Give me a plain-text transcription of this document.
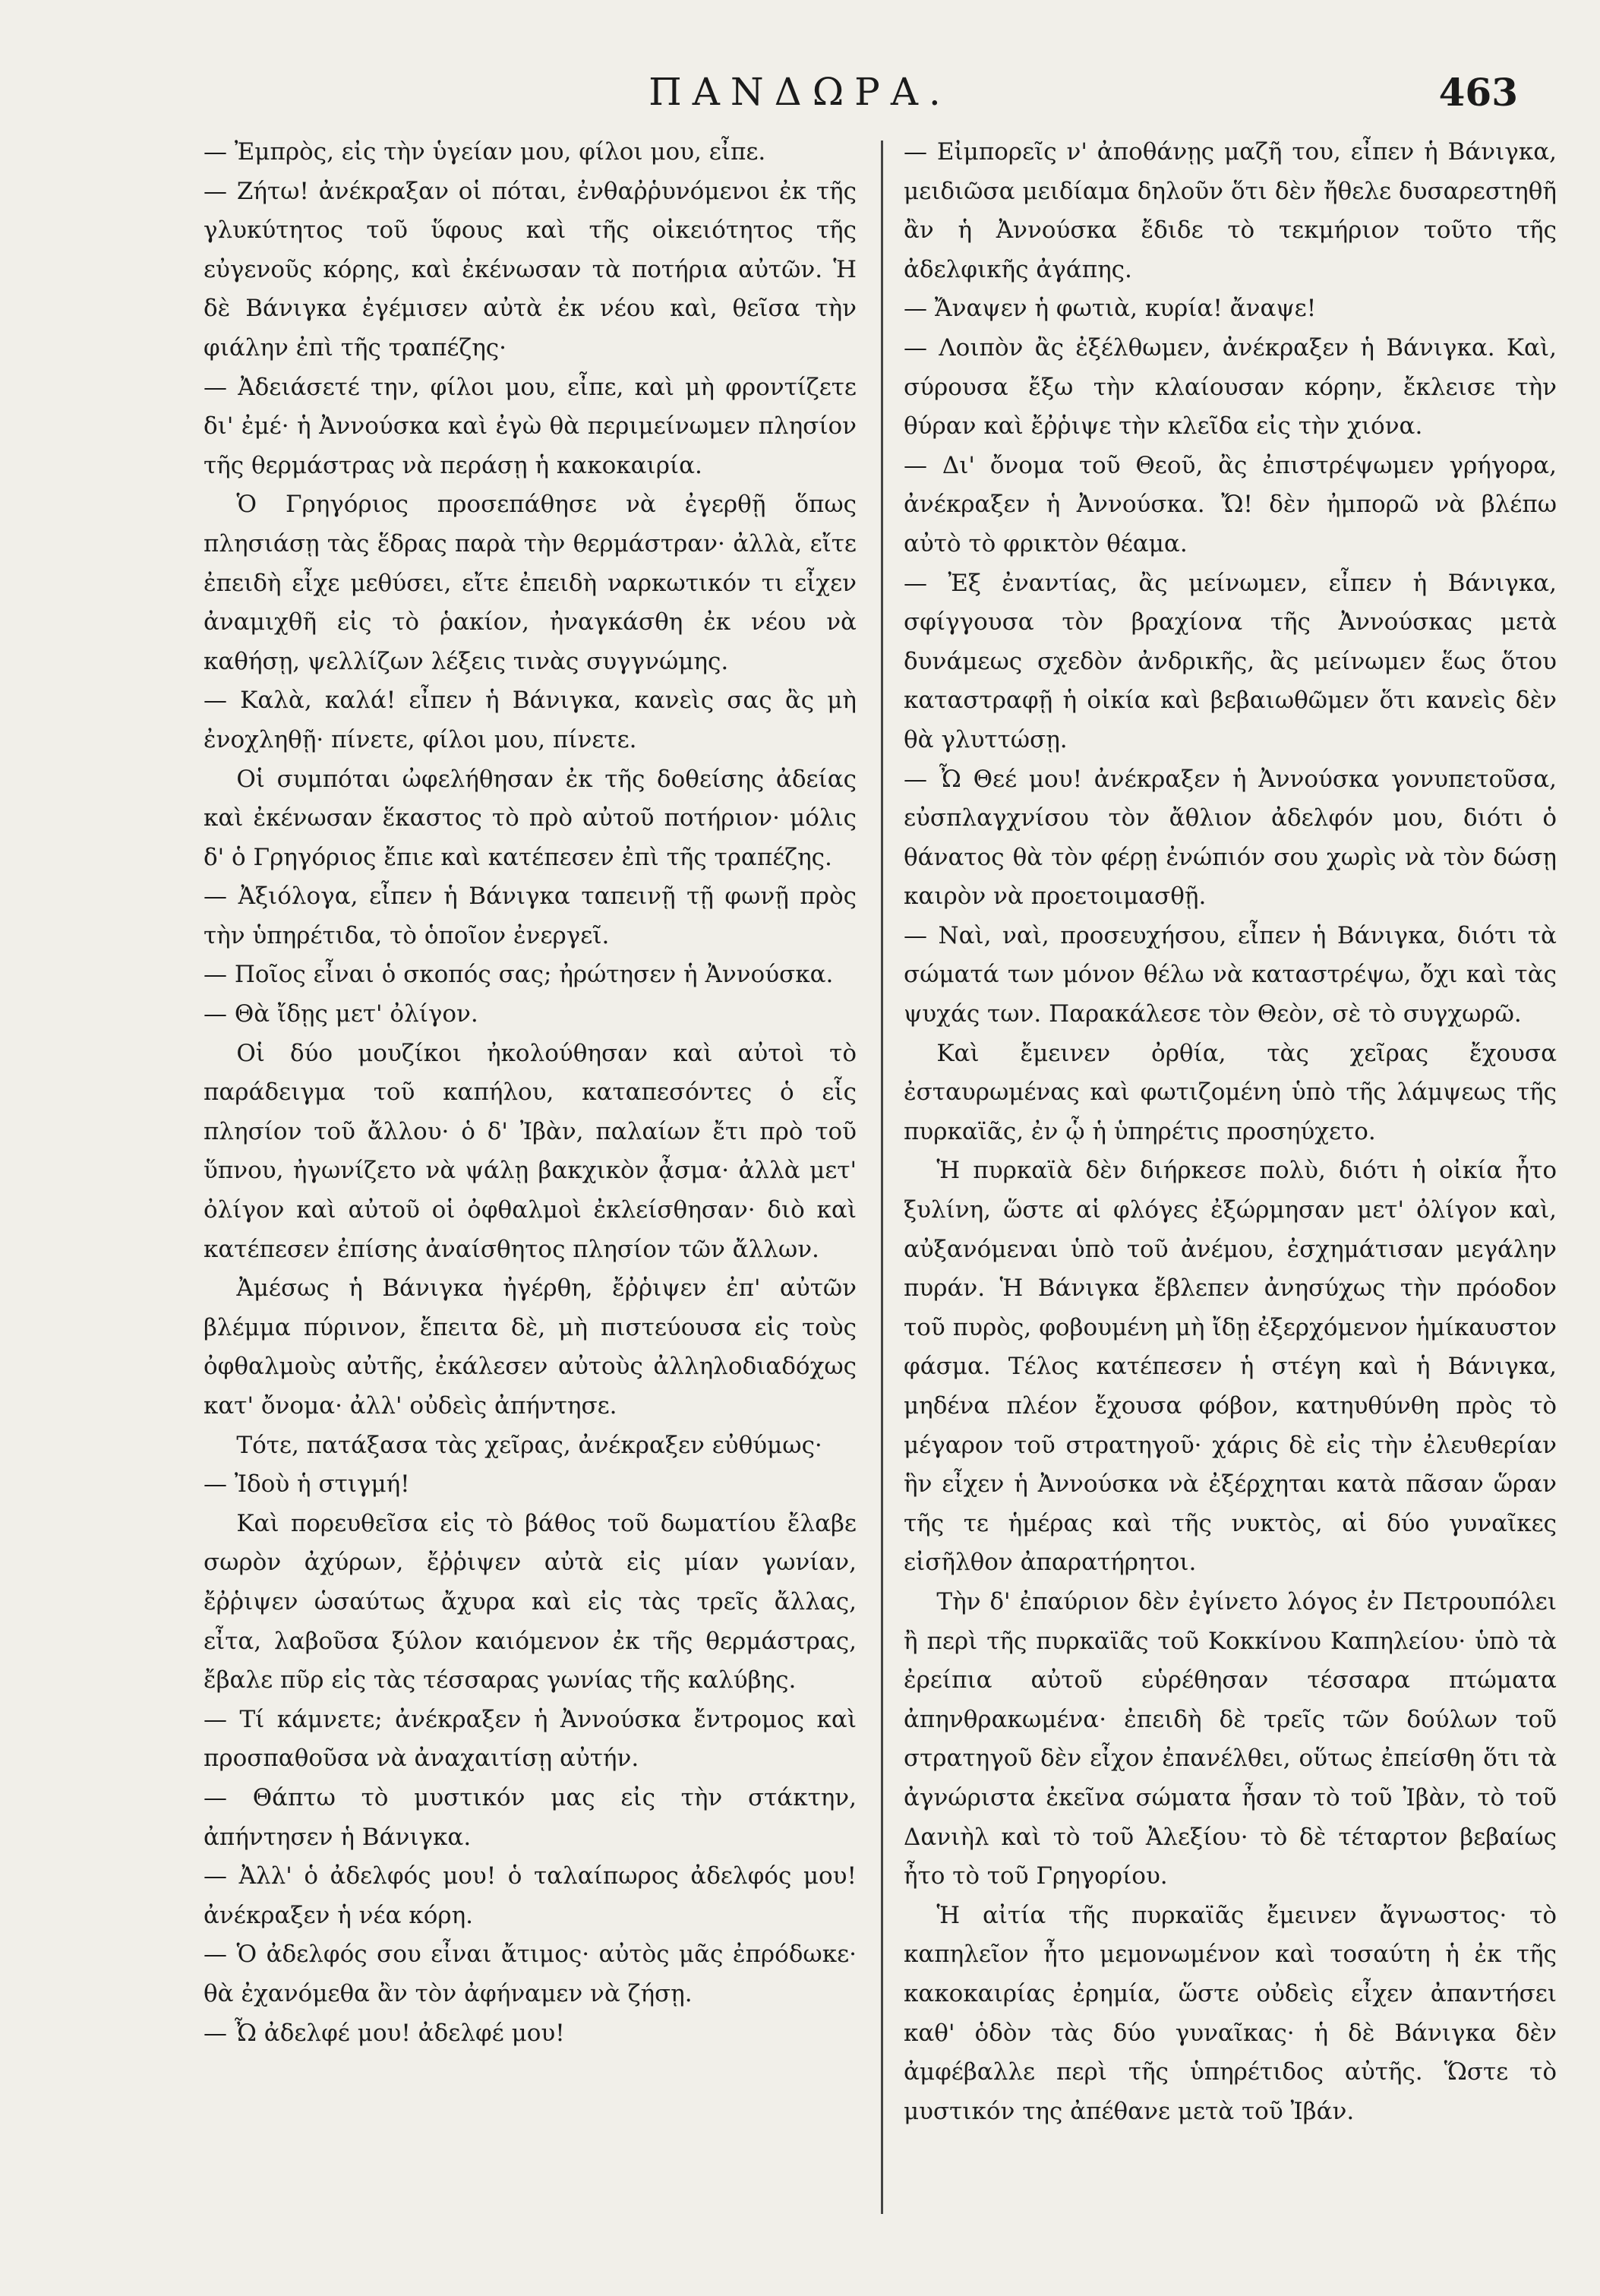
ΠΑΝΔΩΡΑ.	463

— Ἐμπρὸς, εἰς τὴν ὑγείαν μου, φίλοι μου, εἶπε.

— Ζήτω! ἀνέκραξαν οἱ πόται, ἐνθαῤῥυνόμενοι ἐκ τῆς γλυκύτητος τοῦ ὕφους καὶ τῆς οἰκειότητος τῆς εὐγενοῦς κόρης, καὶ ἐκένωσαν τὰ ποτήρια αὐτῶν. Ἡ δὲ Βάνιγκα ἐγέμισεν αὐτὰ ἐκ νέου καὶ, θεῖσα τὴν φιάλην ἐπὶ τῆς τραπέζης·

— Ἀδειάσετέ την, φίλοι μου, εἶπε, καὶ μὴ φροντίζετε δι' ἐμέ· ἡ Ἀννούσκα καὶ ἐγὼ θὰ περιμείνωμεν πλησίον τῆς θερμάστρας νὰ περάσῃ ἡ κακοκαιρία.

Ὁ Γρηγόριος προσεπάθησε νὰ ἐγερθῇ ὅπως πλησιάσῃ τὰς ἕδρας παρὰ τὴν θερμάστραν· ἀλλὰ, εἴτε ἐπειδὴ εἶχε μεθύσει, εἴτε ἐπειδὴ ναρκωτικόν τι εἶχεν ἀναμιχθῆ εἰς τὸ ῥακίον, ἠναγκάσθη ἐκ νέου νὰ καθήσῃ, ψελλίζων λέξεις τινὰς συγγνώμης.

— Καλὰ, καλά! εἶπεν ἡ Βάνιγκα, κανεὶς σας ἂς μὴ ἐνοχληθῇ· πίνετε, φίλοι μου, πίνετε.

Οἱ συμπόται ὠφελήθησαν ἐκ τῆς δοθείσης ἀδείας καὶ ἐκένωσαν ἕκαστος τὸ πρὸ αὐτοῦ ποτήριον· μόλις δ' ὁ Γρηγόριος ἔπιε καὶ κατέπεσεν ἐπὶ τῆς τραπέζης.

— Ἀξιόλογα, εἶπεν ἡ Βάνιγκα ταπεινῇ τῇ φωνῇ πρὸς τὴν ὑπηρέτιδα, τὸ ὁποῖον ἐνεργεῖ.

— Ποῖος εἶναι ὁ σκοπός σας; ἠρώτησεν ἡ Ἀννούσκα.

— Θὰ ἴδῃς μετ' ὀλίγον.

Οἱ δύο μουζίκοι ἠκολούθησαν καὶ αὐτοὶ τὸ παράδειγμα τοῦ καπήλου, καταπεσόντες ὁ εἷς πλησίον τοῦ ἄλλου· ὁ δ' Ἰβὰν, παλαίων ἔτι πρὸ τοῦ ὕπνου, ἠγωνίζετο νὰ ψάλῃ βακχικὸν ᾆσμα· ἀλλὰ μετ' ὀλίγον καὶ αὐτοῦ οἱ ὀφθαλμοὶ ἐκλείσθησαν· διὸ καὶ κατέπεσεν ἐπίσης ἀναίσθητος πλησίον τῶν ἄλλων.

Ἀμέσως ἡ Βάνιγκα ἠγέρθη, ἔῤῥιψεν ἐπ' αὐτῶν βλέμμα πύρινον, ἔπειτα δὲ, μὴ πιστεύουσα εἰς τοὺς ὀφθαλμοὺς αὐτῆς, ἐκάλεσεν αὐτοὺς ἀλληλοδιαδόχως κατ' ὄνομα· ἀλλ' οὐδεὶς ἀπήντησε.

Τότε, πατάξασα τὰς χεῖρας, ἀνέκραξεν εὐθύμως·

— Ἰδοὺ ἡ στιγμή!

Καὶ πορευθεῖσα εἰς τὸ βάθος τοῦ δωματίου ἔλαβε σωρὸν ἀχύρων, ἔῤῥιψεν αὐτὰ εἰς μίαν γωνίαν, ἔῤῥιψεν ὡσαύτως ἄχυρα καὶ εἰς τὰς τρεῖς ἄλλας, εἶτα, λαβοῦσα ξύλον καιόμενον ἐκ τῆς θερμάστρας, ἔβαλε πῦρ εἰς τὰς τέσσαρας γωνίας τῆς καλύβης.

— Τί κάμνετε; ἀνέκραξεν ἡ Ἀννούσκα ἔντρομος καὶ προσπαθοῦσα νὰ ἀναχαιτίσῃ αὐτήν.

— Θάπτω τὸ μυστικόν μας εἰς τὴν στάκτην, ἀπήντησεν ἡ Βάνιγκα.

— Ἀλλ' ὁ ἀδελφός μου! ὁ ταλαίπωρος ἀδελφός μου! ἀνέκραξεν ἡ νέα κόρη.

— Ὁ ἀδελφός σου εἶναι ἄτιμος· αὐτὸς μᾶς ἐπρόδωκε· θὰ ἐχανόμεθα ἂν τὸν ἀφήναμεν νὰ ζήσῃ.

— Ὦ ἀδελφέ μου! ἀδελφέ μου!

— Εἰμπορεῖς ν' ἀποθάνῃς μαζῆ του, εἶπεν ἡ Βάνιγκα, μειδιῶσα μειδίαμα δηλοῦν ὅτι δὲν ἤθελε δυσαρεστηθῆ ἂν ἡ Ἀννούσκα ἔδιδε τὸ τεκμήριον τοῦτο τῆς ἀδελφικῆς ἀγάπης.

— Ἄναψεν ἡ φωτιὰ, κυρία! ἄναψε!

— Λοιπὸν ἂς ἐξέλθωμεν, ἀνέκραξεν ἡ Βάνιγκα. Καὶ, σύρουσα ἔξω τὴν κλαίουσαν κόρην, ἔκλεισε τὴν θύραν καὶ ἔῤῥιψε τὴν κλεῖδα εἰς τὴν χιόνα.

— Δι' ὄνομα τοῦ Θεοῦ, ἂς ἐπιστρέψωμεν γρήγορα, ἀνέκραξεν ἡ Ἀννούσκα. Ὤ! δὲν ἠμπορῶ νὰ βλέπω αὐτὸ τὸ φρικτὸν θέαμα.

— Ἐξ ἐναντίας, ἂς μείνωμεν, εἶπεν ἡ Βάνιγκα, σφίγγουσα τὸν βραχίονα τῆς Ἀννούσκας μετὰ δυνάμεως σχεδὸν ἀνδρικῆς, ἂς μείνωμεν ἕως ὅτου καταστραφῇ ἡ οἰκία καὶ βεβαιωθῶμεν ὅτι κανεὶς δὲν θὰ γλυττώσῃ.

— Ὦ Θεέ μου! ἀνέκραξεν ἡ Ἀννούσκα γονυπετοῦσα, εὐσπλαγχνίσου τὸν ἄθλιον ἀδελφόν μου, διότι ὁ θάνατος θὰ τὸν φέρῃ ἐνώπιόν σου χωρὶς νὰ τὸν δώσῃ καιρὸν νὰ προετοιμασθῇ.

— Ναὶ, ναὶ, προσευχήσου, εἶπεν ἡ Βάνιγκα, διότι τὰ σώματά των μόνον θέλω νὰ καταστρέψω, ὄχι καὶ τὰς ψυχάς των. Παρακάλεσε τὸν Θεὸν, σὲ τὸ συγχωρῶ.

Καὶ ἔμεινεν ὀρθία, τὰς χεῖρας ἔχουσα ἐσταυρωμένας καὶ φωτιζομένη ὑπὸ τῆς λάμψεως τῆς πυρκαϊᾶς, ἐν ᾧ ἡ ὑπηρέτις προσηύχετο.

Ἡ πυρκαϊὰ δὲν διήρκεσε πολὺ, διότι ἡ οἰκία ἦτο ξυλίνη, ὥστε αἱ φλόγες ἐξώρμησαν μετ' ὀλίγον καὶ, αὐξανόμεναι ὑπὸ τοῦ ἀνέμου, ἐσχημάτισαν μεγάλην πυράν. Ἡ Βάνιγκα ἔβλεπεν ἀνησύχως τὴν πρόοδον τοῦ πυρὸς, φοβουμένη μὴ ἴδῃ ἐξερχόμενον ἡμίκαυστον φάσμα. Τέλος κατέπεσεν ἡ στέγη καὶ ἡ Βάνιγκα, μηδένα πλέον ἔχουσα φόβον, κατηυθύνθη πρὸς τὸ μέγαρον τοῦ στρατηγοῦ· χάρις δὲ εἰς τὴν ἐλευθερίαν ἣν εἶχεν ἡ Ἀννούσκα νὰ ἐξέρχηται κατὰ πᾶσαν ὥραν τῆς τε ἡμέρας καὶ τῆς νυκτὸς, αἱ δύο γυναῖκες εἰσῆλθον ἀπαρατήρητοι.

Τὴν δ' ἐπαύριον δὲν ἐγίνετο λόγος ἐν Πετρουπόλει ἢ περὶ τῆς πυρκαϊᾶς τοῦ Κοκκίνου Καπηλείου· ὑπὸ τὰ ἐρείπια αὐτοῦ εὑρέθησαν τέσσαρα πτώματα ἀπηνθρακωμένα· ἐπειδὴ δὲ τρεῖς τῶν δούλων τοῦ στρατηγοῦ δὲν εἶχον ἐπανέλθει, οὕτως ἐπείσθη ὅτι τὰ ἀγνώριστα ἐκεῖνα σώματα ἦσαν τὸ τοῦ Ἰβὰν, τὸ τοῦ Δανιὴλ καὶ τὸ τοῦ Ἀλεξίου· τὸ δὲ τέταρτον βεβαίως ἦτο τὸ τοῦ Γρηγορίου.

Ἡ αἰτία τῆς πυρκαϊᾶς ἔμεινεν ἄγνωστος· τὸ καπηλεῖον ἦτο μεμονωμένον καὶ τοσαύτη ἡ ἐκ τῆς κακοκαιρίας ἐρημία, ὥστε οὐδεὶς εἶχεν ἀπαντήσει καθ' ὁδὸν τὰς δύο γυναῖκας· ἡ δὲ Βάνιγκα δὲν ἀμφέβαλλε περὶ τῆς ὑπηρέτιδος αὐτῆς. Ὥστε τὸ μυστικόν της ἀπέθανε μετὰ τοῦ Ἰβάν.
